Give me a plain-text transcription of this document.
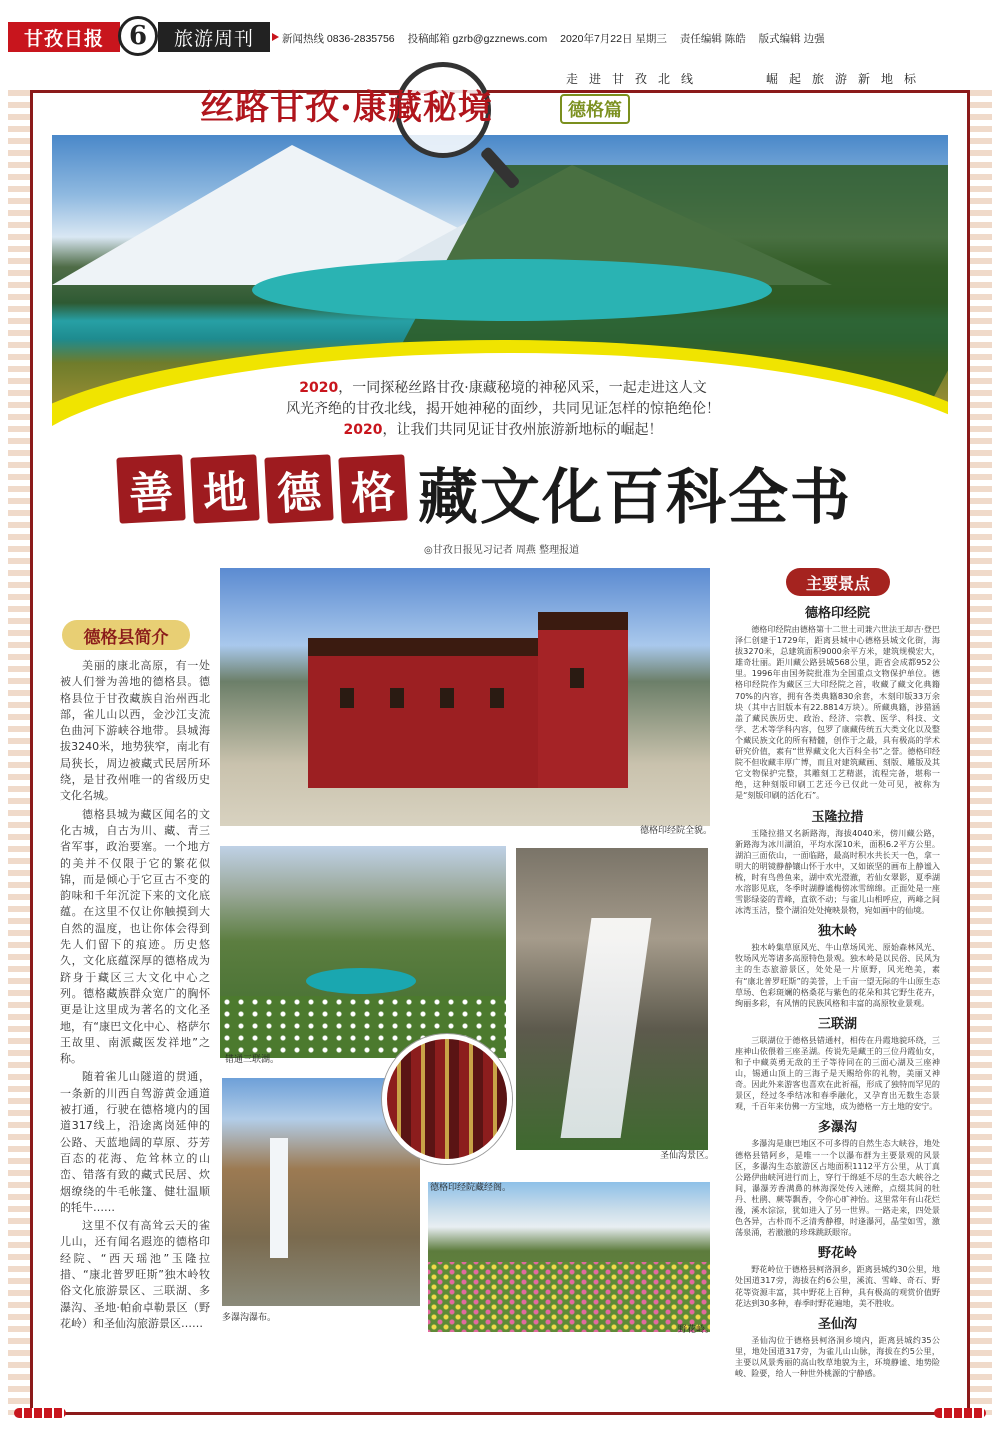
甘孜日报 6	旅游周刊	新闻热线 0836-2835756 投稿邮箱 gzrb@gzznews.com 2020年7月22日 星期三 责任编辑 陈皓 版式编辑 边强
丝路甘孜·康藏秘境	德格篇
走进甘孜北线	崛起旅游新地标
2020，一同探秘丝路甘孜·康藏秘境的神秘风采，一起走进这人文
风光齐绝的甘孜北线，揭开她神秘的面纱，共同见证怎样的惊艳绝伦！
2020，让我们共同见证甘孜州旅游新地标的崛起！
善 地 德 格 藏文化百科全书
◎甘孜日报见习记者 周燕 整理报道
德格县简介

美丽的康北高原，有一处被人们誉为善地的德格县。德格县位于甘孜藏族自治州西北部，雀儿山以西，金沙江支流色曲河下游峡谷地带。县城海拔3240米，地势狭窄，南北有局狭长，周边被藏式民居所环绕，是甘孜州唯一的省级历史文化名城。

德格县城为藏区闻名的文化古城，自古为川、藏、青三省军事，政治要塞。一个地方的美并不仅限于它的繁花似锦，而是倾心于它亘古不变的韵味和千年沉淀下来的文化底蕴。在这里不仅让你触摸到大自然的温度，也让你体会得到先人们留下的痕迹。历史悠久，文化底蕴深厚的德格成为跻身于藏区三大文化中心之列。德格藏族群众宽广的胸怀更是让这里成为著名的文化圣地，有“康巴文化中心、格萨尔王故里、南派藏医发祥地”之称。

随着雀儿山隧道的贯通，一条新的川西自驾游黄金通道被打通，行驶在德格境内的国道317线上，沿途离岗延伸的公路、天蓝地阔的草原、芬芳百态的花海、危耸林立的山峦、错落有致的藏式民居、炊烟缭绕的牛毛帐篷、健壮温顺的牦牛……

这里不仅有高耸云天的雀儿山，还有闻名遐迩的德格印经院、“西天瑶池”玉隆拉措、“康北普罗旺斯”独木岭牧俗文化旅游景区、三联湖、多瀑沟、圣地·帕俞卓勒景区（野花岭）和圣仙沟旅游景区……

德格印经院全貌。
错通三联湖。
圣仙沟景区。
多瀑沟瀑布。
野花岭。
德格印经院藏经阁。
主要景点
德格印经院

德格印经院由德格第十二世土司兼六世法王却吉·登巴泽仁创建于1729年，距离县城中心德格县城文化街，海拔3270米，总建筑面积9000余平方米，建筑规模宏大，雄奇壮丽。距川藏公路县城568公里，距省会成都952公里。1996年由国务院批准为全国重点文物保护单位。德格印经院作为藏区三大印经院之首，收藏了藏文化典籍70%的内容，拥有各类典籍830余套，木刻印版33万余块（其中古旧版本有22.8814万块）。所藏典籍，涉猎涵盖了藏民族历史、政治、经济、宗教、医学、科技、文学、艺术等学科内容，包罗了康藏传统五大类文化以及整个藏民族文化的所有精髓，创作于之最，具有极高的学术研究价值，素有“世界藏文化大百科全书”之誉。德格印经院不但收藏丰厚广博，而且对建筑藏画、刻版、雕版及其它文物保护完整，其雕刻工艺精湛，流程完备，堪称一绝，这种刻版印刷工艺还今已仅此一处可见，被称为是“刻版印刷的活化石”。

玉隆拉措

玉隆拉措又名新路海，海拔4040米，傍川藏公路，新路海为冰川湖泊，平均水深10米，面积6.2平方公里。湖泊三面依山，一面临路，最高时积水共长天一色，拿一明大的明镜静静镶山怀于水中，又如嵌坚的画布上静谧入梳，时有鸟兽鱼来，湖中欢光澄澈，若仙女翠影，夏季湖水溶影见底，冬季时湖静谧梅傍冰雪绵绵。正面处是一座雪影绿姿的青峰，直欲不动；与雀儿山相呼应，两峰之间冰湾玉洁，整个湖泊处处掩映景物，宛如画中的仙境。

独木岭

独木岭集草原风光、牛山草场风光、原始森林风光、牧场风光等诸多高原特色景观。独木岭是以民俗、民风为主的生态旅游景区，处处是一片原野，风光绝美，素有“康北普罗旺斯”的美誉，上千亩一望无际的牛山原生态草场、色彩斑斓的格桑花与紫色的花朵和其它野生花卉，绚丽多彩，有风情的民族风格和丰富的高原牧业景观。

三联湖

三联湖位于德格县错通村，相传在丹霞地貌环绕，三座神山依偎着三座圣湖。传说先是藏王的三位丹霞仙女，和子中藏英勇无敌的王子等待同在的三面心湖及三座神山，锡通山顶上的三海子是天赐给你的礼物，美丽又神奇。因此外来游客也喜欢在此祈福，形成了独特而罕见的景区，经过冬季结冰和春季融化，又孕育出无数生态景观，千百年来仿佛一方宝地，成为德格一方土地的安宁。

多瀑沟

多瀑沟是康巴地区不可多得的自然生态大峡谷，地处德格县错阿乡，是唯一一个以瀑布群为主要景观的风景区，多瀑沟生态旅游区占地面积1112平方公里，从丁真公路伊曲峡河进行而上，穿行于绵延不尽的生态大峡谷之间，瀑瀑芳香满鼻的林海深处传入迷醉，点缀其间的牡丹、杜鹃、蕨等飘香，令你心旷神怡。这里常年有山花烂漫，溪水淙淙，犹如进入了另一世界。一路走来，四处景色各异，古朴而不乏清秀静穆，时逢瀑河，晶莹如雪，激荡泉涌，若澈澈的珍珠跳跃眼帘。

野花岭

野花岭位于德格县柯洛洞乡，距离县城约30公里，地处国道317旁，海拔在约6公里，溪流、雪峰、奇石、野花等资源丰富，其中野花上百种，具有极高的观赏价值野花达到30多种，春季时野花遍地，美不胜收。

圣仙沟

圣仙沟位于德格县柯洛洞乡境内，距离县城约35公里，地处国道317旁，为雀儿山山脉，海拔在约5公里，主要以风景秀丽的高山牧草地貌为主，环境静谧、地势险峻、险要，给人一种世外桃源的宁静感。
